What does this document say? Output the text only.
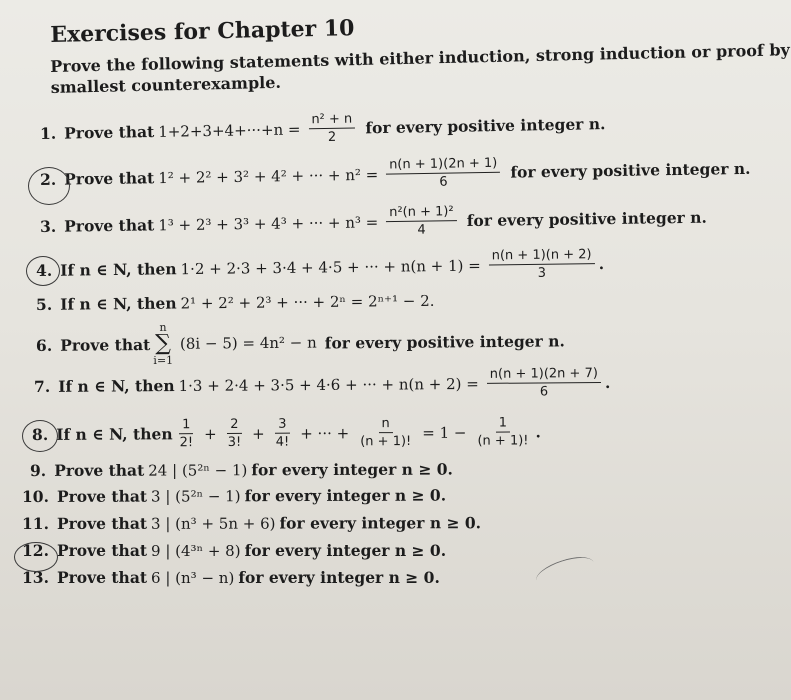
Exercises for Chapter 10
Prove the following statements with either induction, strong induction or proof by
smallest counterexample.
1. Prove that $1+2+3+4+\cdot\cdot\cdot+n = \frac{\text{n² + n}}{2}$ for every positive integer n.
2. Prove that 1² + 2² + 3² + 4² + ··· + $n^2 = \frac{n(n + 1)(2n + 1)}{6}$ for every positive integer n.
3. Prove that 1³ + 2³ + 3³ + 4³ + ··· + $n^3 = \frac{\text{n²(n + 1)²}}{4}$ for every positive integer n.
4. If n ∈ N, then 1·2 + 2·3 + 3·4 + 4·5 + ··· + $n(n + 1) = \frac{n(n + 1)(n + 2)}{3}$ .
5. If n ∈ N, then 2¹ + 2² + 2³ + ··· + 2ⁿ = 2ⁿ⁺¹ − 2.
6. Prove that
n
∑
i=1
(8i − 5) = 4n² − n for every positive integer n.
7. If n ∈ N, then 1·3 + 2·4 + 3·5 + 4·6 + ··· + $n(n + 2) = \frac{n(n + 1)(2n + 7)}{6}$ .
8. If n ∈ N, then $\frac{1}{2!} + \frac{2}{3!} + \frac{3}{4!}$ + ··· + $\frac{n}{(n + 1)!} = 1 - \frac{1}{(n + 1)!}$ .
9. Prove that 24 | (5²ⁿ − 1) for every integer n ≥ 0.
10. Prove that 3 | (5²ⁿ − 1) for every integer n ≥ 0.
11. Prove that 3 | (n³ + 5n + 6) for every integer n ≥ 0.
12. Prove that 9 | (4³ⁿ + 8) for every integer n ≥ 0.
13. Prove that 6 | (n³ − n) for every integer n ≥ 0.
